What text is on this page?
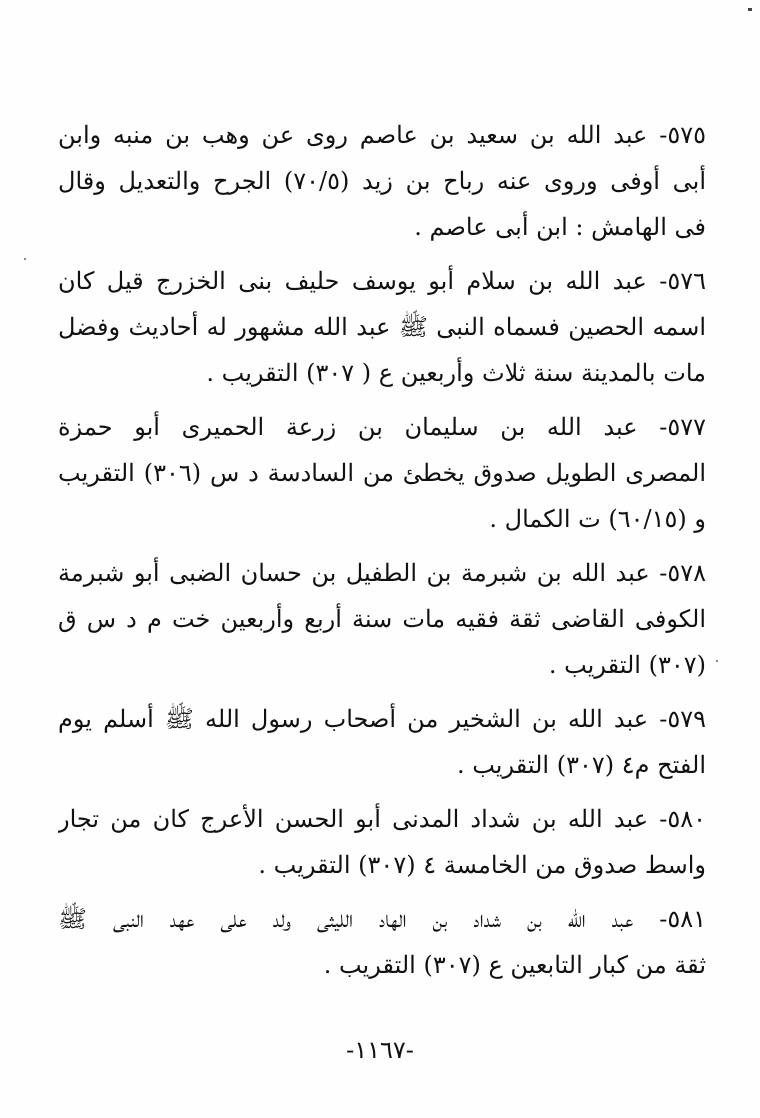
٥٧٥- عبد الله بن سعيد بن عاصم روى عن وهب بن منبه وابن
أبى أوفى وروى عنه رباح بن زيد (٧٠/٥) الجرح والتعديل وقال
فى الهامش : ابن أبى عاصم .
٥٧٦- عبد الله بن سلام أبو يوسف حليف بنى الخزرج قيل كان
اسمه الحصين فسماه النبى ﷺ عبد الله مشهور له أحاديث وفضل
مات بالمدينة سنة ثلاث وأربعين ع ( ٣٠٧) التقريب .
٥٧٧- عبد الله بن سليمان بن زرعة الحميرى أبو حمزة
المصرى الطويل صدوق يخطئ من السادسة د س (٣٠٦) التقريب
و (٦٠/١٥) ت الكمال .
٥٧٨- عبد الله بن شبرمة بن الطفيل بن حسان الضبى أبو شبرمة
الكوفى القاضى ثقة فقيه مات سنة أربع وأربعين خت م د س ق
(٣٠٧) التقريب .
٥٧٩- عبد الله بن الشخير من أصحاب رسول الله ﷺ أسلم يوم
الفتح م٤ (٣٠٧) التقريب .
٥٨٠- عبد الله بن شداد المدنى أبو الحسن الأعرج كان من تجار
واسط صدوق من الخامسة ٤ (٣٠٧) التقريب .
٥٨١- عبد الله بن شداد بن الهاد الليثى ولد على عهد النبى ﷺ
ثقة من كبار التابعين ع (٣٠٧) التقريب .
-١١٦٧-
